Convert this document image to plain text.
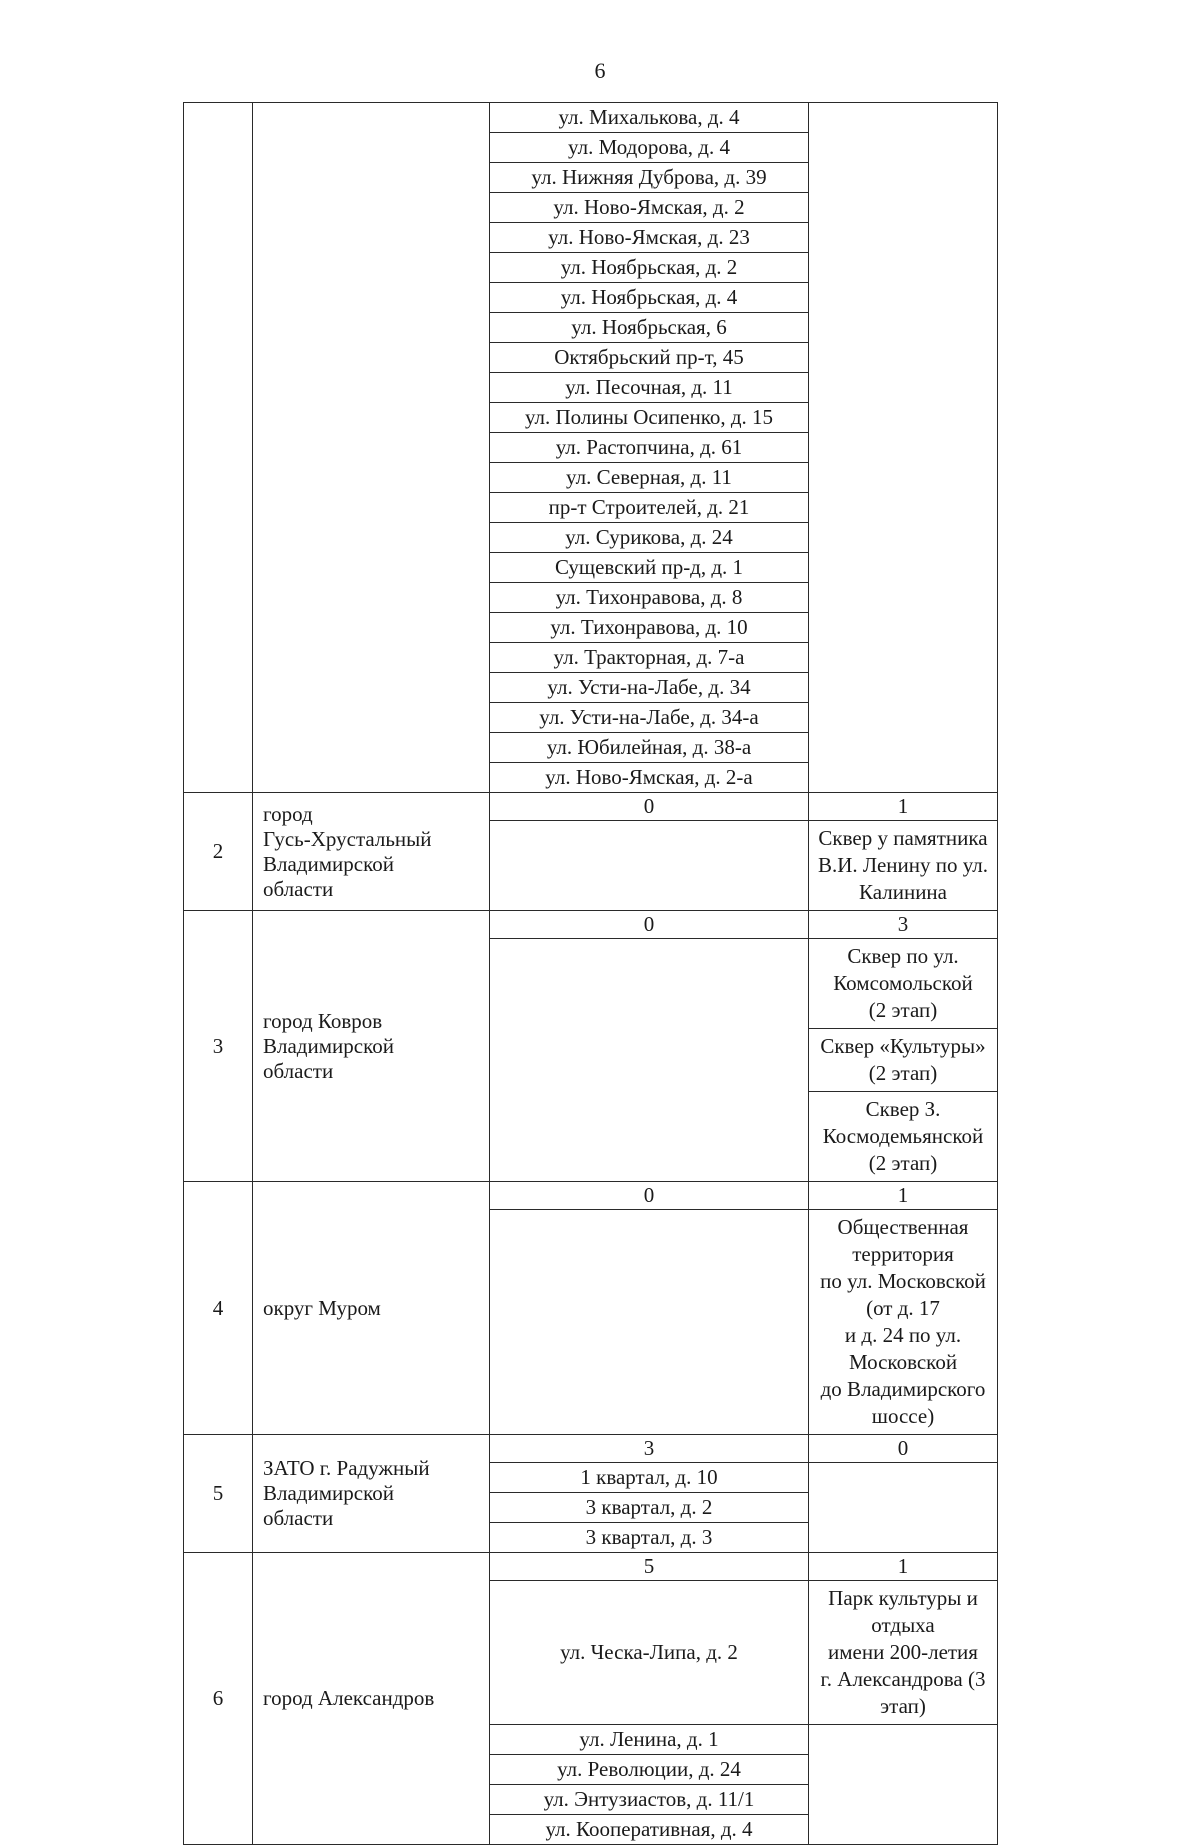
6
		ул. Михалькова, д. 4	
		ул. Модорова, д. 4	
		ул. Нижняя Дуброва, д. 39	
		ул. Ново-Ямская, д. 2	
		ул. Ново-Ямская, д. 23	
		ул. Ноябрьская, д. 2	
		ул. Ноябрьская, д. 4	
		ул. Ноябрьская, 6	
		Октябрьский пр-т, 45	
		ул. Песочная, д. 11	
		ул. Полины Осипенко, д. 15	
		ул. Растопчина, д. 61	
		ул. Северная, д. 11	
		пр-т Строителей, д. 21	
		ул. Сурикова, д. 24	
		Сущевский пр-д, д. 1	
		ул. Тихонравова, д. 8	
		ул. Тихонравова, д. 10	
		ул. Тракторная, д. 7-а	
		ул. Усти-на-Лабе, д. 34	
		ул. Усти-на-Лабе, д. 34-а	
		ул. Юбилейная, д. 38-а	
		ул. Ново-Ямская, д. 2-а	
2	город
Гусь-Хрустальный
Владимирской
области	0	1

			Сквер у памятника
В.И. Ленину по ул. Калинина

3	город Ковров
Владимирской
области	0	3

			Сквер по ул. Комсомольской
(2 этап)

			Сквер «Культуры» (2 этап)

			Сквер З. Космодемьянской
(2 этап)

4	округ Муром	0	1

			Общественная территория
по ул. Московской (от д. 17
и д. 24 по ул. Московской
до Владимирского шоссе)

5	ЗАТО г. Радужный
Владимирской
области	3	0
		1 квартал, д. 10	
		3 квартал, д. 2	
		3 квартал, д. 3	
6	город Александров	5	1
		ул. Ческа-Липа, д. 2	Парк культуры и отдыха
имени 200-летия
г. Александрова (3 этап)

		ул. Ленина, д. 1	
		ул. Революции, д. 24	
		ул. Энтузиастов, д. 11/1	
		ул. Кооперативная, д. 4	
